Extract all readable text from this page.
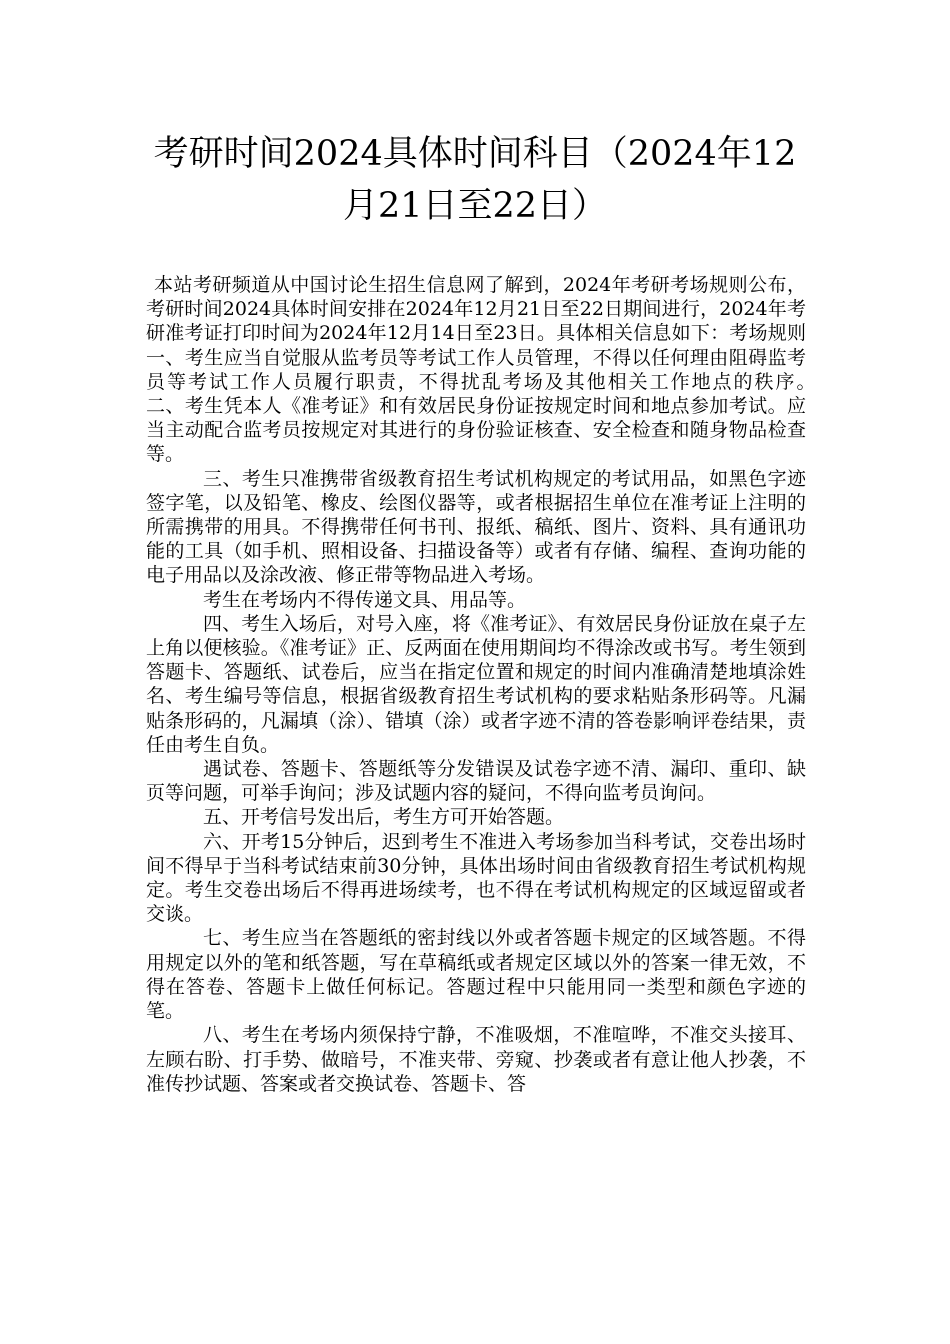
考研时间2024具体时间科目（2024年12月21日至22日）

本站考研频道从中国讨论生招生信息网了解到，2024年考研考场规则公布，考研时间2024具体时间安排在2024年12月21日至22日期间进行，2024年考研准考证打印时间为2024年12月14日至23日。具体相关信息如下：考场规则　　一、考生应当自觉服从监考员等考试工作人员管理，不得以任何理由阻碍监考员等考试工作人员履行职责，不得扰乱考场及其他相关工作地点的秩序。　　二、考生凭本人《准考证》和有效居民身份证按规定时间和地点参加考试。应当主动配合监考员按规定对其进行的身份验证核查、安全检查和随身物品检查等。

三、考生只准携带省级教育招生考试机构规定的考试用品，如黑色字迹签字笔，以及铅笔、橡皮、绘图仪器等，或者根据招生单位在准考证上注明的所需携带的用具。不得携带任何书刊、报纸、稿纸、图片、资料、具有通讯功能的工具（如手机、照相设备、扫描设备等）或者有存储、编程、查询功能的电子用品以及涂改液、修正带等物品进入考场。

考生在考场内不得传递文具、用品等。

四、考生入场后，对号入座，将《准考证》、有效居民身份证放在桌子左上角以便核验。《准考证》正、反两面在使用期间均不得涂改或书写。考生领到答题卡、答题纸、试卷后，应当在指定位置和规定的时间内准确清楚地填涂姓名、考生编号等信息，根据省级教育招生考试机构的要求粘贴条形码等。凡漏贴条形码的，凡漏填（涂）、错填（涂）或者字迹不清的答卷影响评卷结果，责任由考生自负。

遇试卷、答题卡、答题纸等分发错误及试卷字迹不清、漏印、重印、缺页等问题，可举手询问；涉及试题内容的疑问，不得向监考员询问。

五、开考信号发出后，考生方可开始答题。

六、开考15分钟后，迟到考生不准进入考场参加当科考试，交卷出场时间不得早于当科考试结束前30分钟，具体出场时间由省级教育招生考试机构规定。考生交卷出场后不得再进场续考，也不得在考试机构规定的区域逗留或者交谈。

七、考生应当在答题纸的密封线以外或者答题卡规定的区域答题。不得用规定以外的笔和纸答题，写在草稿纸或者规定区域以外的答案一律无效，不得在答卷、答题卡上做任何标记。答题过程中只能用同一类型和颜色字迹的笔。

八、考生在考场内须保持宁静，不准吸烟，不准喧哗，不准交头接耳、左顾右盼、打手势、做暗号，不准夹带、旁窥、抄袭或者有意让他人抄袭，不准传抄试题、答案或者交换试卷、答题卡、答
